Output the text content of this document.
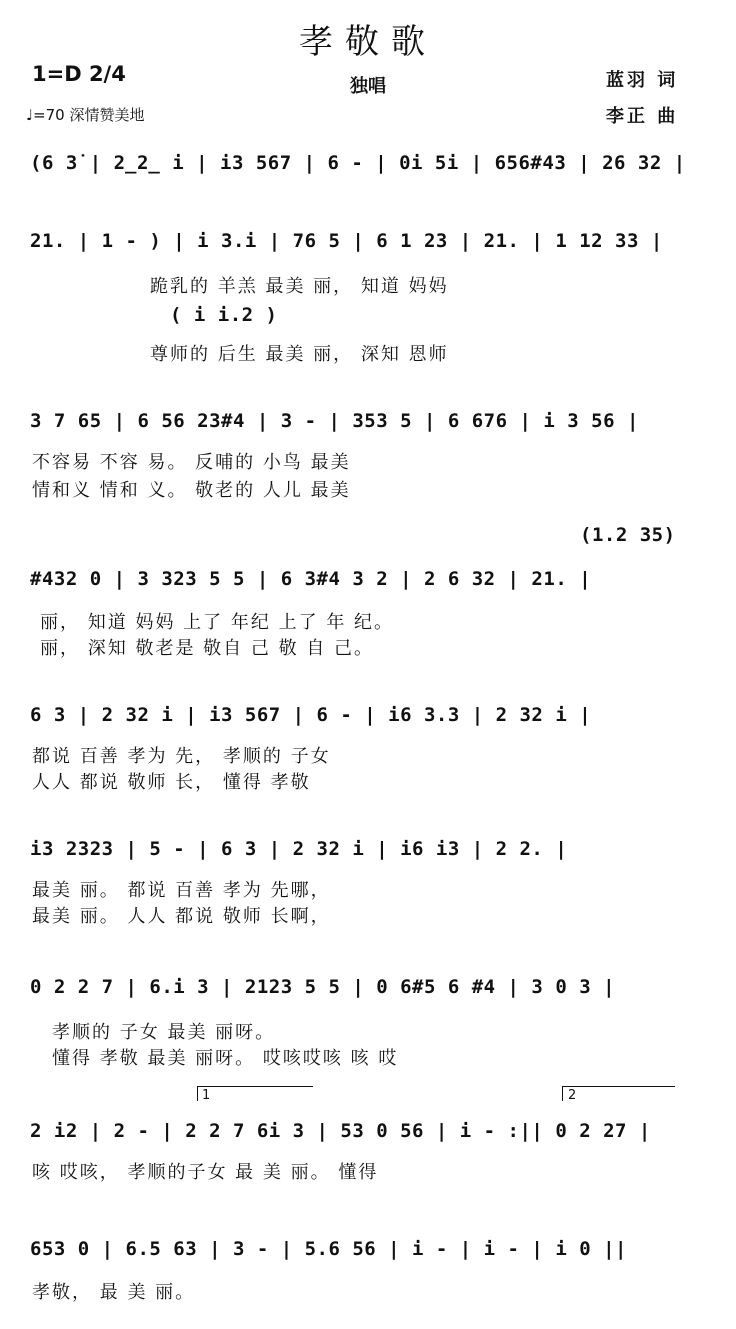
孝敬歌
独唱
1=D 2/4
♩=70 深情赞美地
蓝羽 词
李正 曲
(6 3̇ | 2̲2̲ i | i3 567 | 6 - | 0i 5i | 656#43 | 26 32 |
21. | 1 - ) | i 3.i | 76 5 | 6 1 23 | 21. | 1 12 33 |
跪乳的 羊羔 最美 丽， 知道 妈妈
( i i.2 )
尊师的 后生 最美 丽， 深知 恩师
3 7 65 | 6 56 23#4 | 3 - | 353 5 | 6 676 | i 3 56 |
不容易 不容 易。 反哺的 小鸟 最美
情和义 情和 义。 敬老的 人儿 最美
(1.2 35)
#432 0 | 3 323 5 5 | 6 3#4 3 2 | 2 6 32 | 21. |
丽， 知道 妈妈 上了 年纪 上了 年 纪。
丽， 深知 敬老是 敬自 己 敬 自 己。
6 3 | 2 32 i | i3 567 | 6 - | i6 3.3 | 2 32 i |
都说 百善 孝为 先， 孝顺的 子女
人人 都说 敬师 长， 懂得 孝敬
i3 2323 | 5 - | 6 3 | 2 32 i | i6 i3 | 2 2. |
最美 丽。 都说 百善 孝为 先哪，
最美 丽。 人人 都说 敬师 长啊，
0 2 2 7 | 6.i 3 | 2123 5 5 | 0 6#5 6 #4 | 3 0 3 |
孝顺的 子女 最美 丽呀。
懂得 孝敬 最美 丽呀。 哎咳哎咳 咳 哎
1	2
2 i2 | 2 - | 2 2 7 6i 3 | 53 0 56 | i - :|| 0 2 27 |
咳 哎咳， 孝顺的子女 最 美 丽。 懂得
653 0 | 6.5 63 | 3 - | 5.6 56 | i - | i - | i 0 ||
孝敬， 最 美 丽。
